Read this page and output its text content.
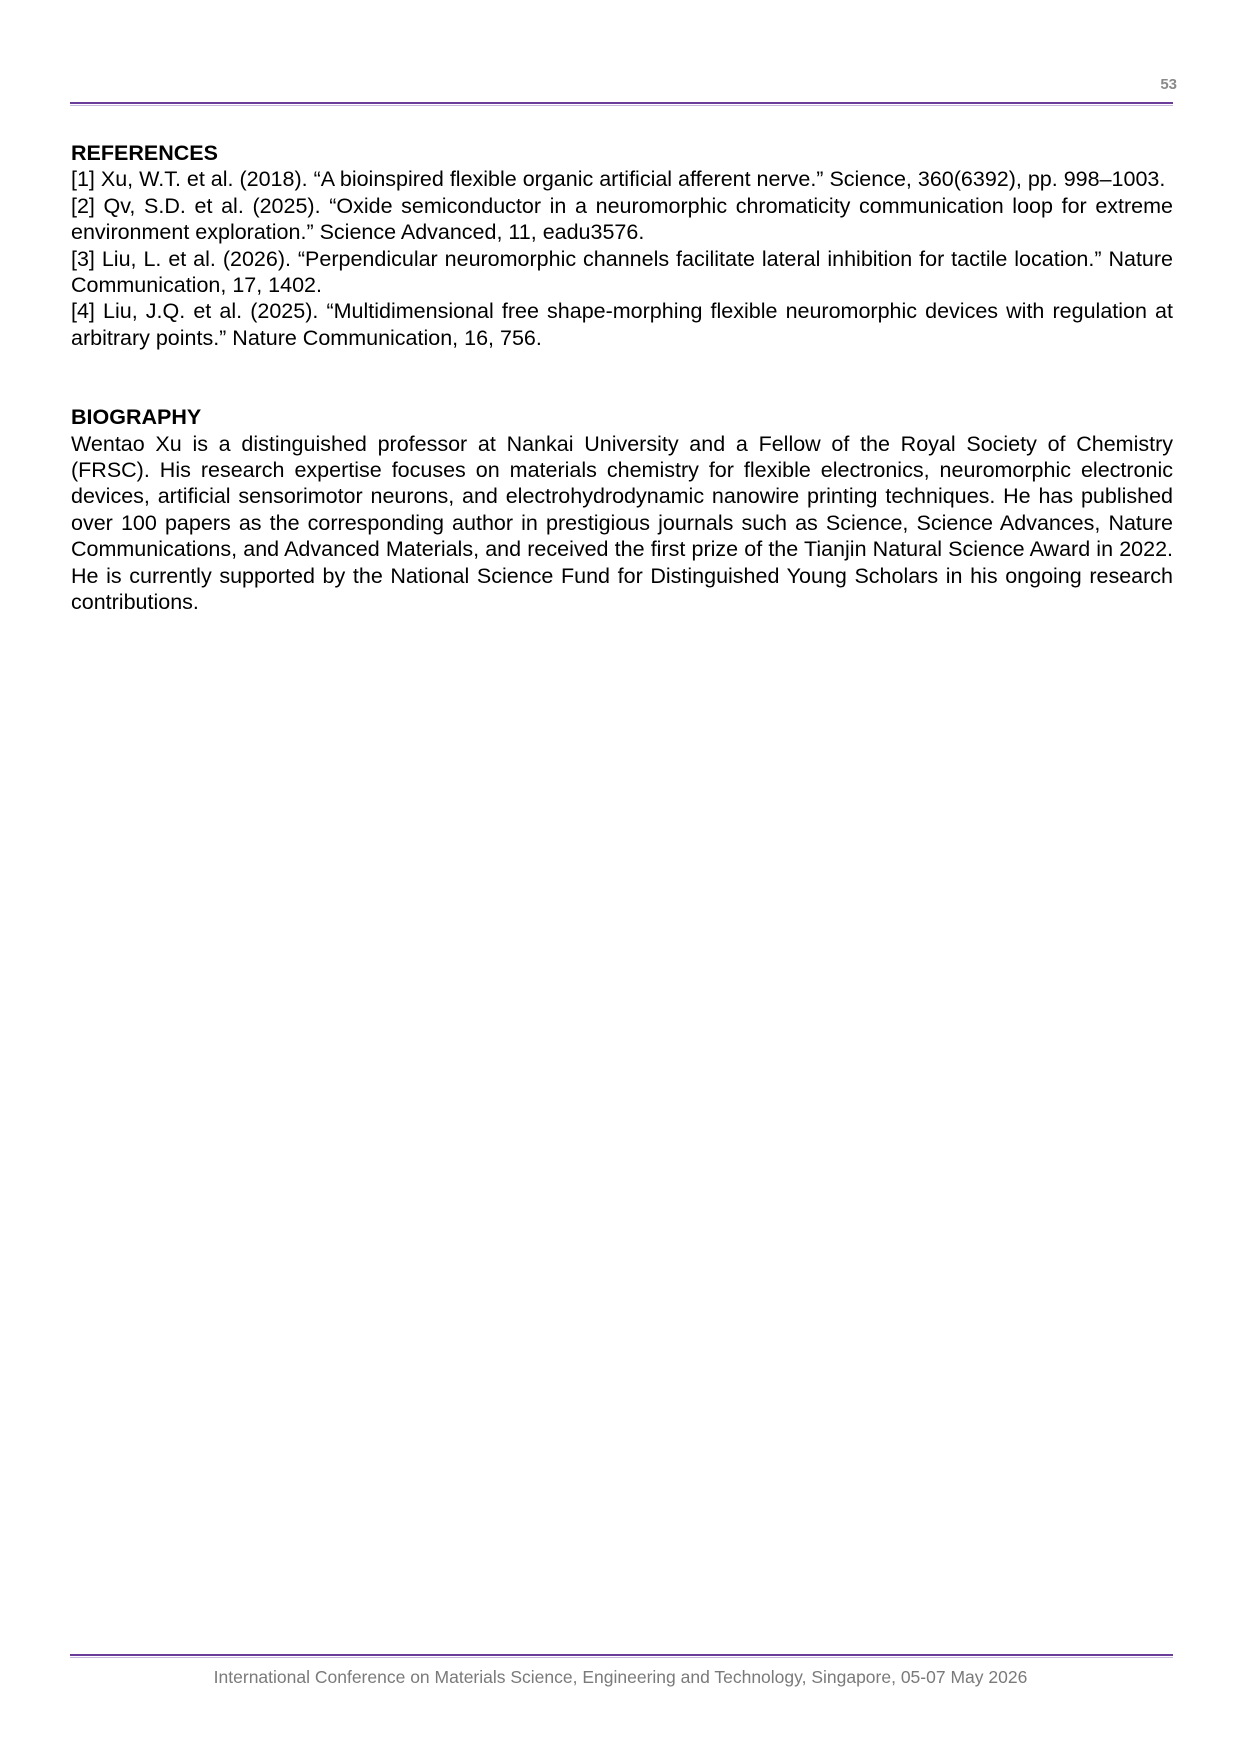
53
REFERENCES

[1] Xu, W.T. et al. (2018). “A bioinspired flexible organic artificial afferent nerve.” Science, 360(6392), pp. 998–1003.

[2] Qv, S.D. et al. (2025). “Oxide semiconductor in a neuromorphic chromaticity communication loop for extreme environment exploration.” Science Advanced, 11, eadu3576.

[3] Liu, L. et al. (2026). “Perpendicular neuromorphic channels facilitate lateral inhibition for tactile location.” Nature Communication, 17, 1402.

[4] Liu, J.Q. et al. (2025). “Multidimensional free shape-morphing flexible neuromorphic devices with regulation at arbitrary points.” Nature Communication, 16, 756.

BIOGRAPHY

Wentao Xu is a distinguished professor at Nankai University and a Fellow of the Royal Society of Chemistry (FRSC). His research expertise focuses on materials chemistry for flexible electronics, neuromorphic electronic devices, artificial sensorimotor neurons, and electrohydrodynamic nanowire printing techniques. He has published over 100 papers as the corresponding author in prestigious journals such as Science, Science Advances, Nature Communications, and Advanced Materials, and received the first prize of the Tianjin Natural Science Award in 2022. He is currently supported by the National Science Fund for Distinguished Young Scholars in his ongoing research contributions.

International Conference on Materials Science, Engineering and Technology, Singapore, 05-07 May 2026
